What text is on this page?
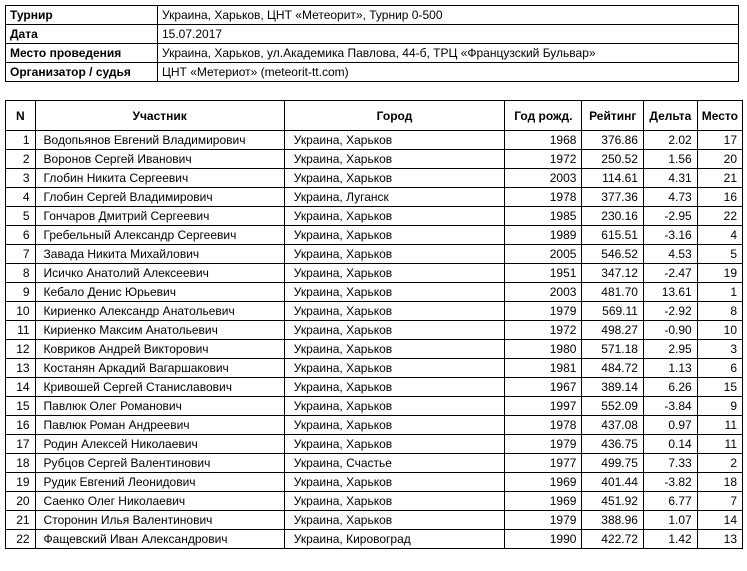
Турнир	Украина, Харьков, ЦНТ «Метеорит», Турнир 0-500
Дата	15.07.2017
Место проведения	Украина, Харьков, ул.Академика Павлова, 44-б, ТРЦ «Французский Бульвар»
Организатор / судья	ЦНТ «Метериот» (meteorit-tt.com)
N	Участник	Город	Год рожд.	Рейтинг	Дельта	Место
1	Водопьянов Евгений Владимирович	Украина, Харьков	1968	376.86	2.02	17
2	Воронов Сергей Иванович	Украина, Харьков	1972	250.52	1.56	20
3	Глобин Никита Сергеевич	Украина, Харьков	2003	114.61	4.31	21
4	Глобин Сергей Владимирович	Украина, Луганск	1978	377.36	4.73	16
5	Гончаров Дмитрий Сергеевич	Украина, Харьков	1985	230.16	-2.95	22
6	Гребельный Александр Сергеевич	Украина, Харьков	1989	615.51	-3.16	4
7	Завада Никита Михайлович	Украина, Харьков	2005	546.52	4.53	5
8	Исичко Анатолий Алексеевич	Украина, Харьков	1951	347.12	-2.47	19
9	Кебало Денис Юрьевич	Украина, Харьков	2003	481.70	13.61	1
10	Кириенко Александр Анатольевич	Украина, Харьков	1979	569.11	-2.92	8
11	Кириенко Максим Анатольевич	Украина, Харьков	1972	498.27	-0.90	10
12	Ковриков Андрей Викторович	Украина, Харьков	1980	571.18	2.95	3
13	Костанян Аркадий Вагаршакович	Украина, Харьков	1981	484.72	1.13	6
14	Кривошей Сергей Станиславович	Украина, Харьков	1967	389.14	6.26	15
15	Павлюк Олег Романович	Украина, Харьков	1997	552.09	-3.84	9
16	Павлюк Роман Андреевич	Украина, Харьков	1978	437.08	0.97	11
17	Родин Алексей Николаевич	Украина, Харьков	1979	436.75	0.14	11
18	Рубцов Сергей Валентинович	Украина, Счастье	1977	499.75	7.33	2
19	Рудик Евгений Леонидович	Украина, Харьков	1969	401.44	-3.82	18
20	Саенко Олег Николаевич	Украина, Харьков	1969	451.92	6.77	7
21	Сторонин Илья Валентинович	Украина, Харьков	1979	388.96	1.07	14
22	Фащевский Иван Александрович	Украина, Кировоград	1990	422.72	1.42	13
